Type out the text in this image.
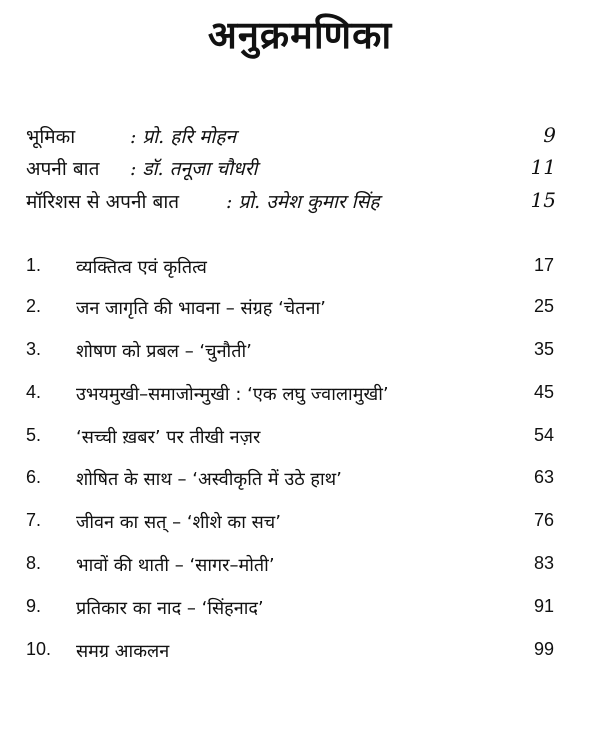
अनुक्रमणिका
भूमिका	: प्रो. हरि मोहन	9
अपनी बात : डॉ. तनूजा चौधरी	11
मॉरिशस से अपनी बात : प्रो. उमेश कुमार सिंह	15
1. व्यक्तित्व एवं कृतित्व	17
2. जन जागृति की भावना – संग्रह ‘चेतना’	25
3. शोषण को प्रबल – ‘चुनौती’	35
4. उभयमुखी–समाजोन्मुखी : ‘एक लघु ज्वालामुखी’	45
5. ‘सच्ची ख़बर’ पर तीखी नज़र	54
6. शोषित के साथ – ‘अस्वीकृति में उठे हाथ’	63
7. जीवन का सत् – ‘शीशे का सच’	76
8. भावों की थाती – ‘सागर–मोती’	83
9. प्रतिकार का नाद – ‘सिंहनाद’	91
10. समग्र आकलन	99
